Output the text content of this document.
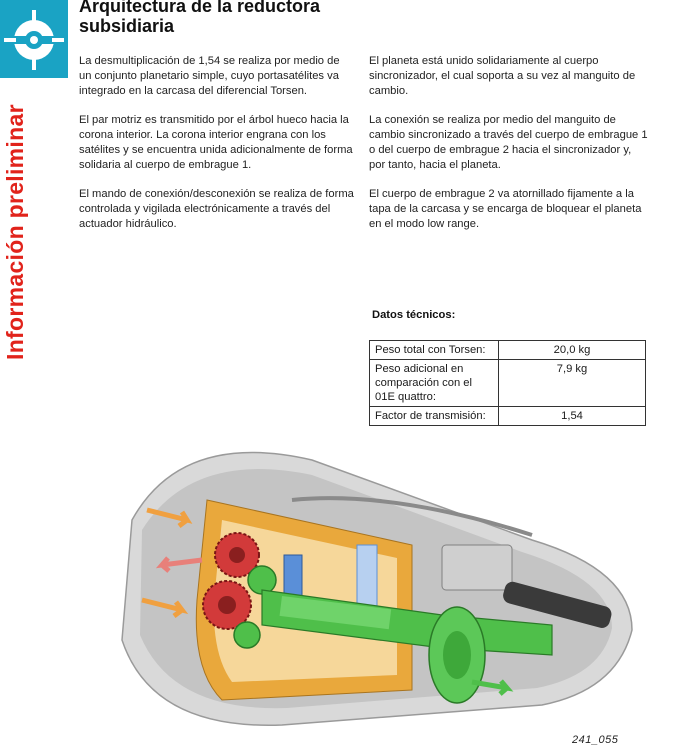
Información preliminar
Arquitectura de la reductora subsidiaria

La desmultiplicación de 1,54 se realiza por medio de un conjunto planetario simple, cuyo portasatélites va integrado en la carcasa del diferencial Torsen.

El par motriz es transmitido por el árbol hueco hacia la corona interior. La corona interior engrana con los satélites y se encuentra unida adicionalmente de forma solidaria al cuerpo de embrague 1.

El mando de conexión/desconexión se realiza de forma controlada y vigilada electrónicamente a través del actuador hidráulico.

El planeta está unido solidariamente al cuerpo sincronizador, el cual soporta a su vez al manguito de cambio.

La conexión se realiza por medio del manguito de cambio sincronizado a través del cuerpo de embrague 1 o del cuerpo de embrague 2 hacia el sincronizador y, por tanto, hacia el planeta.

El cuerpo de embrague 2 va atornillado fijamente a la tapa de la carcasa y se encarga de bloquear el planeta en el modo low range.

Datos técnicos:
Peso total con Torsen:	20,0 kg
Peso adicional en comparación con el 01E quattro:	7,9 kg
Factor de transmisión:	1,54
241_055
